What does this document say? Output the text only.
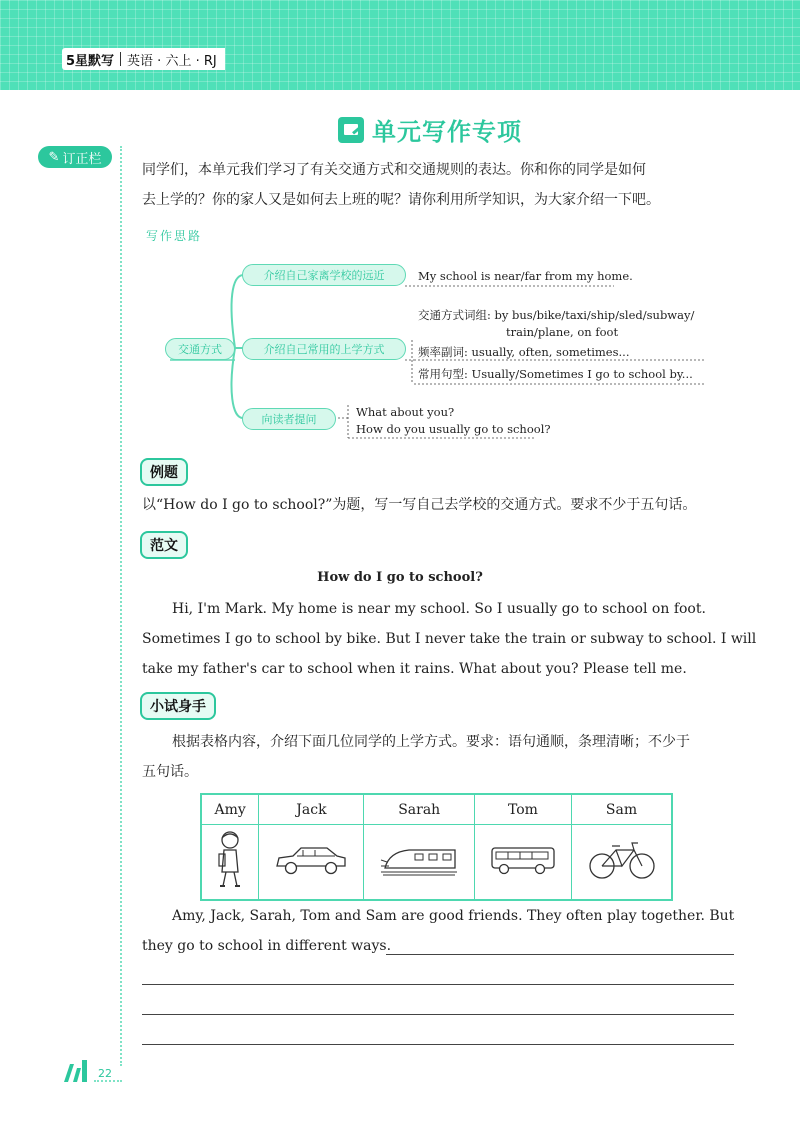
5星默写	英语 · 六上 · RJ
单元写作专项
✎ 订正栏
同学们，本单元我们学习了有关交通方式和交通规则的表达。你和你的同学是如何
去上学的？你的家人又是如何去上班的呢？请你利用所学知识，为大家介绍一下吧。
写作思路
交通方式
介绍自己家离学校的远近
介绍自己常用的上学方式
向读者提问
My school is near/far from my home.
交通方式词组: by bus/bike/taxi/ship/sled/subway/
train/plane, on foot
频率副词: usually, often, sometimes...
常用句型: Usually/Sometimes I go to school by...
What about you?
How do you usually go to school?
例题
以“How do I go to school?”为题，写一写自己去学校的交通方式。要求不少于五句话。
范文
How do I go to school?
Hi, I'm Mark. My home is near my school. So I usually go to school on foot.
Sometimes I go to school by bike. But I never take the train or subway to school. I will
take my father's car to school when it rains. What about you? Please tell me.
小试身手
根据表格内容，介绍下面几位同学的上学方式。要求：语句通顺，条理清晰；不少于
五句话。
Amy	Jack	Sarah	Tom	Sam

Amy, Jack, Sarah, Tom and Sam are good friends. They often play together. But
they go to school in different ways.
22
